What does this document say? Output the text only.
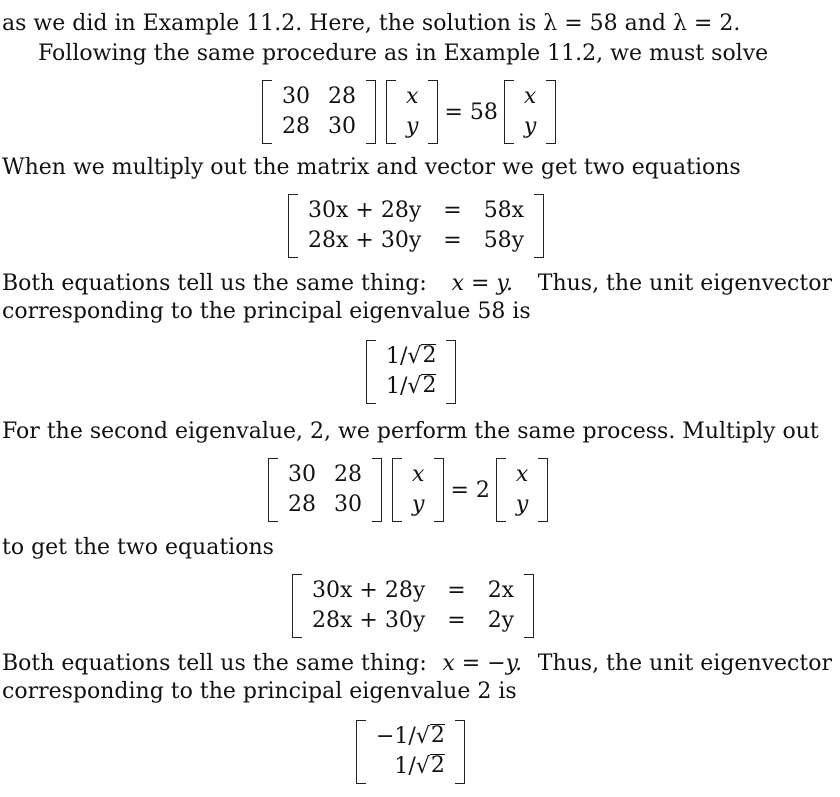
as we did in Example 11.2. Here, the solution is λ = 58 and λ = 2.
Following the same procedure as in Example 11.2, we must solve
30 28
28 30
x
y
= 58
x
y
When we multiply out the matrix and vector we get two equations
30x + 28y = 58x
28x + 30y = 58y
Both equations tell us the same thing: x = y. Thus, the unit eigenvector
corresponding to the principal eigenvalue 58 is
1/√ 2
1/√ 2
For the second eigenvalue, 2, we perform the same process. Multiply out
30 28
28 30
x
y
= 2
x
y
to get the two equations
30x + 28y = 2x
28x + 30y = 2y
Both equations tell us the same thing: x = −y. Thus, the unit eigenvector
corresponding to the principal eigenvalue 2 is
−1/√ 2
1/√ 2
